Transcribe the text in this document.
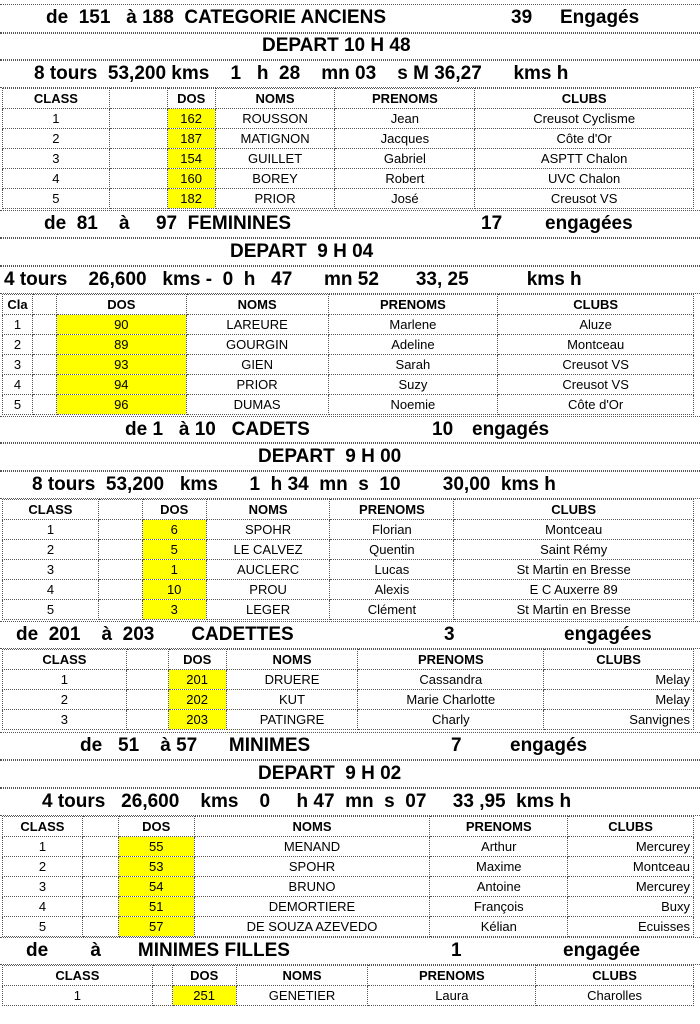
de  151   à 188  CATEGORIE ANCIENS	39 Engagés
DEPART 10 H 48
8 tours  53,200 kms    1   h  28    mn 03    s M 36,27      kms h
CLASS		DOS	NOMS	PRENOMS	CLUBS
1		162	ROUSSON	Jean	Creusot Cyclisme
2		187	MATIGNON	Jacques	Côte d'Or
3		154	GUILLET	Gabriel	ASPTT Chalon
4		160	BOREY	Robert	UVC Chalon
5		182	PRIOR	José	Creusot VS
de  81    à     97  FEMININES	17 engagées
DEPART  9 H 04
4 tours    26,600   kms -  0  h   47      mn 52       33, 25           kms h
Cla		DOS	NOMS	PRENOMS	CLUBS
1		90	LAREURE	Marlene	Aluze
2		89	GOURGIN	Adeline	Montceau
3		93	GIEN	Sarah	Creusot VS
4		94	PRIOR	Suzy	Creusot VS
5		96	DUMAS	Noemie	Côte d'Or
de 1   à 10   CADETS	10 engagés
DEPART  9 H 00
8 tours  53,200   kms      1  h 34  mn  s  10        30,00  kms h
CLASS		DOS	NOMS	PRENOMS	CLUBS
1		6	SPOHR	Florian	Montceau
2		5	LE CALVEZ	Quentin	Saint Rémy
3		1	AUCLERC	Lucas	St Martin en Bresse
4		10	PROU	Alexis	E C Auxerre 89
5		3	LEGER	Clément	St Martin en Bresse
de  201    à  203       CADETTES	3	engagées
CLASS		DOS	NOMS	PRENOMS	CLUBS
1		201	DRUERE	Cassandra	Melay
2		202	KUT	Marie Charlotte	Melay
3		203	PATINGRE	Charly	Sanvignes
de   51    à 57      MINIMES	7	engagés
DEPART  9 H 02
4 tours   26,600    kms    0     h 47  mn  s  07     33 ,95  kms h
CLASS		DOS	NOMS	PRENOMS	CLUBS
1		55	MENAND	Arthur	Mercurey
2		53	SPOHR	Maxime	Montceau
3		54	BRUNO	Antoine	Mercurey
4		51	DEMORTIERE	François	Buxy
5		57	DE SOUZA AZEVEDO	Kélian	Ecuisses
de        à       MINIMES FILLES	1	engagée
CLASS		DOS	NOMS	PRENOMS	CLUBS
1		251	GENETIER	Laura	Charolles
